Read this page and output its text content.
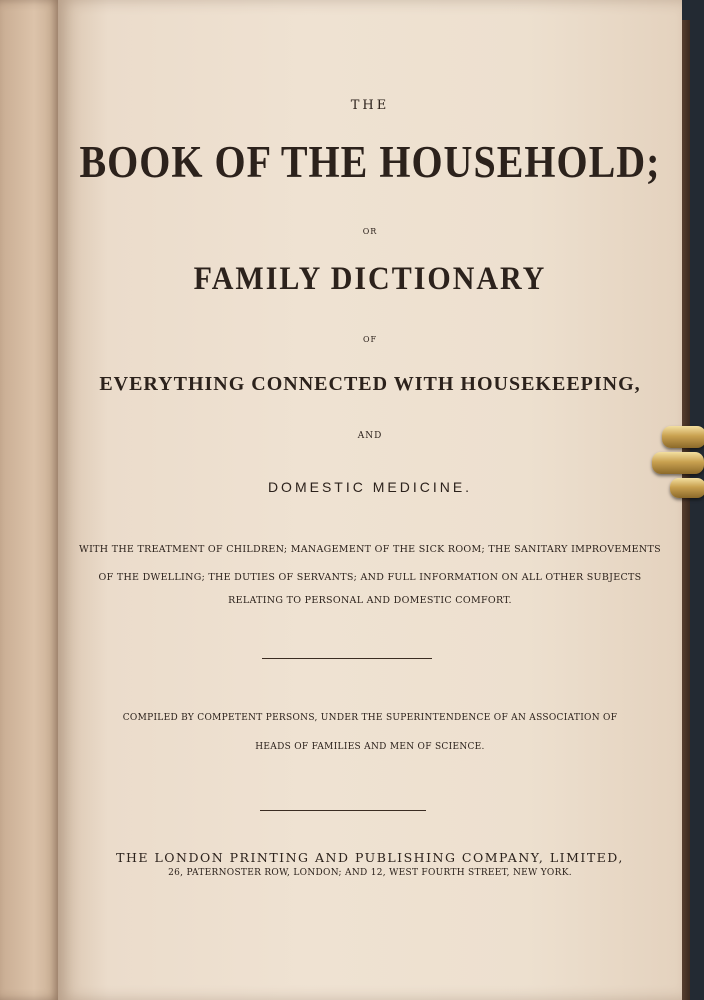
THE
BOOK OF THE HOUSEHOLD;
OR
FAMILY DICTIONARY
OF
EVERYTHING CONNECTED WITH HOUSEKEEPING,
AND
DOMESTIC MEDICINE.
WITH THE TREATMENT OF CHILDREN; MANAGEMENT OF THE SICK ROOM; THE SANITARY IMPROVEMENTS
OF THE DWELLING; THE DUTIES OF SERVANTS; AND FULL INFORMATION ON ALL OTHER SUBJECTS
RELATING TO PERSONAL AND DOMESTIC COMFORT.
COMPILED BY COMPETENT PERSONS, UNDER THE SUPERINTENDENCE OF AN ASSOCIATION OF
HEADS OF FAMILIES AND MEN OF SCIENCE.
THE LONDON PRINTING AND PUBLISHING COMPANY, LIMITED,
26, PATERNOSTER ROW, LONDON; AND 12, WEST FOURTH STREET, NEW YORK.
